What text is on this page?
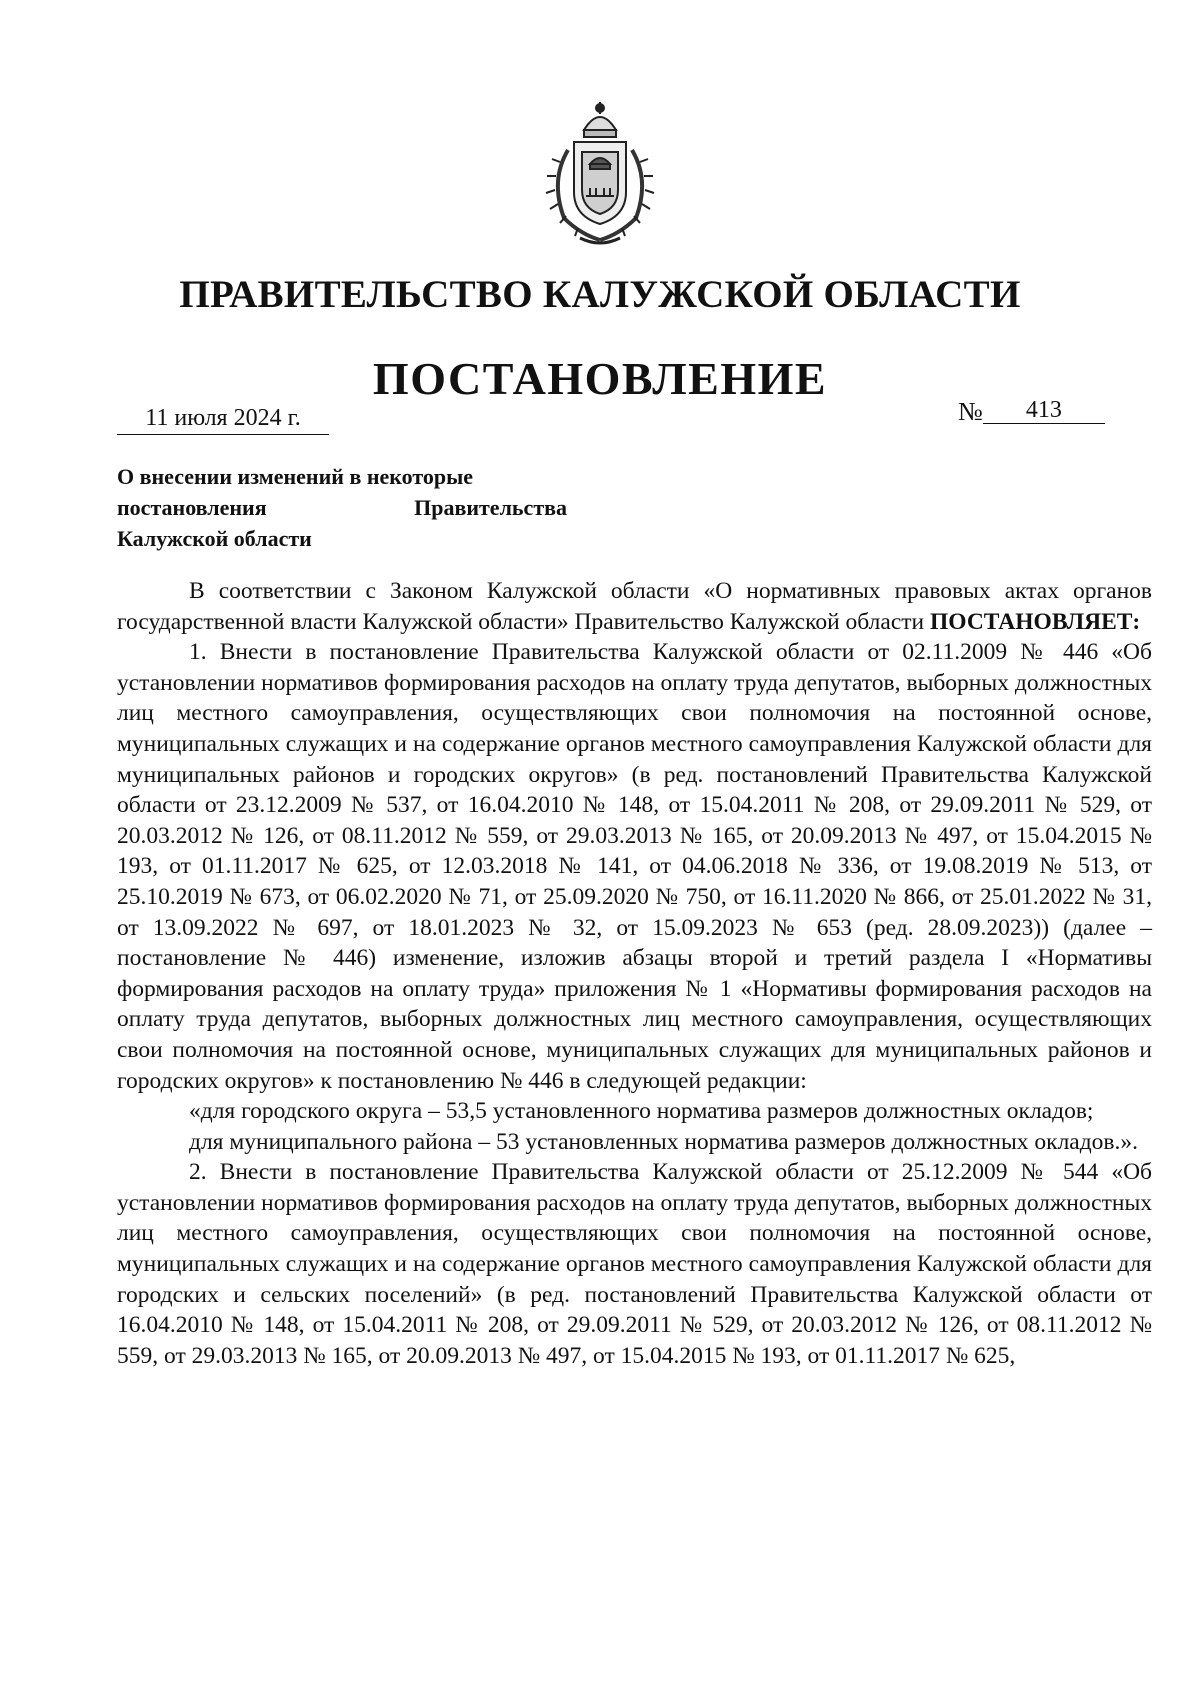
ПРАВИТЕЛЬСТВО КАЛУЖСКОЙ ОБЛАСТИ
ПОСТАНОВЛЕНИЕ
11 июля 2024 г.	№	413
О внесении изменений в некоторые
постановления Правительства
Калужской области

В соответствии с Законом Калужской области «О нормативных правовых актах органов государственной власти Калужской области» Правительство Калужской области ПОСТАНОВЛЯЕТ:

1. Внести в постановление Правительства Калужской области от 02.11.2009 № 446 «Об установлении нормативов формирования расходов на оплату труда депутатов, выборных должностных лиц местного самоуправления, осуществляющих свои полномочия на постоянной основе, муниципальных служащих и на содержание органов местного самоуправления Калужской области для муниципальных районов и городских округов» (в ред. постановлений Правительства Калужской области от 23.12.2009 № 537, от 16.04.2010 № 148, от 15.04.2011 № 208, от 29.09.2011 № 529, от 20.03.2012 № 126, от 08.11.2012 № 559, от 29.03.2013 № 165, от 20.09.2013 № 497, от 15.04.2015 № 193, от 01.11.2017 № 625, от 12.03.2018 № 141, от 04.06.2018 № 336, от 19.08.2019 № 513, от 25.10.2019 № 673, от 06.02.2020 № 71, от 25.09.2020 № 750, от 16.11.2020 № 866, от 25.01.2022 № 31, от 13.09.2022 № 697, от 18.01.2023 № 32, от 15.09.2023 № 653 (ред. 28.09.2023)) (далее – постановление № 446) изменение, изложив абзацы второй и третий раздела I «Нормативы формирования расходов на оплату труда» приложения № 1 «Нормативы формирования расходов на оплату труда депутатов, выборных должностных лиц местного самоуправления, осуществляющих свои полномочия на постоянной основе, муниципальных служащих для муниципальных районов и городских округов» к постановлению № 446 в следующей редакции:

«для городского округа – 53,5 установленного норматива размеров должностных окладов;

для муниципального района – 53 установленных норматива размеров должностных окладов.».

2. Внести в постановление Правительства Калужской области от 25.12.2009 № 544 «Об установлении нормативов формирования расходов на оплату труда депутатов, выборных должностных лиц местного самоуправления, осуществляющих свои полномочия на постоянной основе, муниципальных служащих и на содержание органов местного самоуправления Калужской области для городских и сельских поселений» (в ред. постановлений Правительства Калужской области от 16.04.2010 № 148, от 15.04.2011 № 208, от 29.09.2011 № 529, от 20.03.2012 № 126, от 08.11.2012 № 559, от 29.03.2013 № 165, от 20.09.2013 № 497, от 15.04.2015 № 193, от 01.11.2017 № 625,
